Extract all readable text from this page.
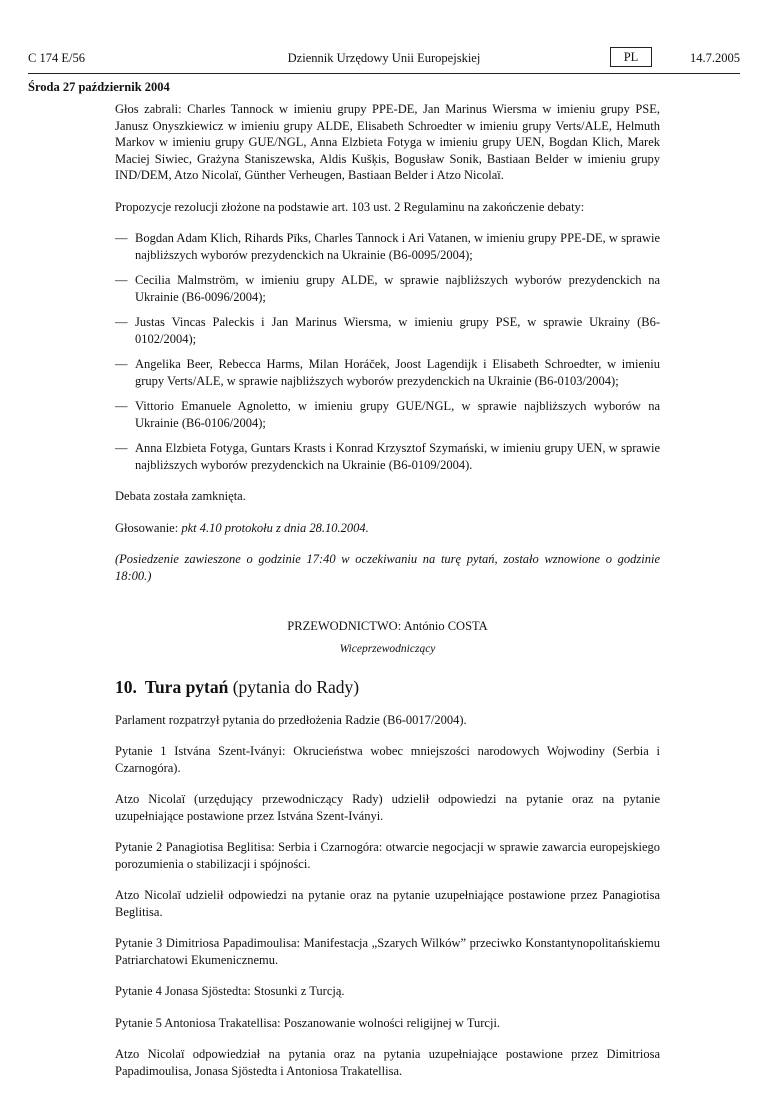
C 174 E/56	Dziennik Urzędowy Unii Europejskiej	PL	14.7.2005
Środa 27 październik 2004

Głos zabrali: Charles Tannock w imieniu grupy PPE-DE, Jan Marinus Wiersma w imieniu grupy PSE, Janusz Onyszkiewicz w imieniu grupy ALDE, Elisabeth Schroedter w imieniu grupy Verts/ALE, Helmuth Markov w imieniu grupy GUE/NGL, Anna Elzbieta Fotyga w imieniu grupy UEN, Bogdan Klich, Marek Maciej Siwiec, Grażyna Staniszewska, Aldis Kušķis, Bogusław Sonik, Bastiaan Belder w imieniu grupy IND/DEM, Atzo Nicolaï, Günther Verheugen, Bastiaan Belder i Atzo Nicolaï.

Propozycje rezolucji złożone na podstawie art. 103 ust. 2 Regulaminu na zakończenie debaty:

— Bogdan Adam Klich, Rihards Pīks, Charles Tannock i Ari Vatanen, w imieniu grupy PPE-DE, w sprawie najbliższych wyborów prezydenckich na Ukrainie (B6-0095/2004);
— Cecilia Malmström, w imieniu grupy ALDE, w sprawie najbliższych wyborów prezydenckich na Ukrainie (B6-0096/2004);
— Justas Vincas Paleckis i Jan Marinus Wiersma, w imieniu grupy PSE, w sprawie Ukrainy (B6-0102/2004);
— Angelika Beer, Rebecca Harms, Milan Horáček, Joost Lagendijk i Elisabeth Schroedter, w imieniu grupy Verts/ALE, w sprawie najbliższych wyborów prezydenckich na Ukrainie (B6-0103/2004);
— Vittorio Emanuele Agnoletto, w imieniu grupy GUE/NGL, w sprawie najbliższych wyborów na Ukrainie (B6-0106/2004);
— Anna Elzbieta Fotyga, Guntars Krasts i Konrad Krzysztof Szymański, w imieniu grupy UEN, w sprawie najbliższych wyborów prezydenckich na Ukrainie (B6-0109/2004).

Debata została zamknięta.

Głosowanie: pkt 4.10 protokołu z dnia 28.10.2004.

(Posiedzenie zawieszone o godzinie 17:40 w oczekiwaniu na turę pytań, zostało wznowione o godzinie 18:00.)

PRZEWODNICTWO: António COSTA

Wiceprzewodniczący

10. Tura pytań (pytania do Rady)

Parlament rozpatrzył pytania do przedłożenia Radzie (B6-0017/2004).

Pytanie 1 Istvána Szent-Iványi: Okrucieństwa wobec mniejszości narodowych Wojwodiny (Serbia i Czarnogóra).

Atzo Nicolaï (urzędujący przewodniczący Rady) udzielił odpowiedzi na pytanie oraz na pytanie uzupełniające postawione przez Istvána Szent-Iványi.

Pytanie 2 Panagiotisa Beglitisa: Serbia i Czarnogóra: otwarcie negocjacji w sprawie zawarcia europejskiego porozumienia o stabilizacji i spójności.

Atzo Nicolaï udzielił odpowiedzi na pytanie oraz na pytanie uzupełniające postawione przez Panagiotisa Beglitisa.

Pytanie 3 Dimitriosa Papadimoulisa: Manifestacja „Szarych Wilków” przeciwko Konstantynopolitańskiemu Patriarchatowi Ekumenicznemu.

Pytanie 4 Jonasa Sjöstedta: Stosunki z Turcją.

Pytanie 5 Antoniosa Trakatellisa: Poszanowanie wolności religijnej w Turcji.

Atzo Nicolaï odpowiedział na pytania oraz na pytania uzupełniające postawione przez Dimitriosa Papadimoulisa, Jonasa Sjöstedta i Antoniosa Trakatellisa.
